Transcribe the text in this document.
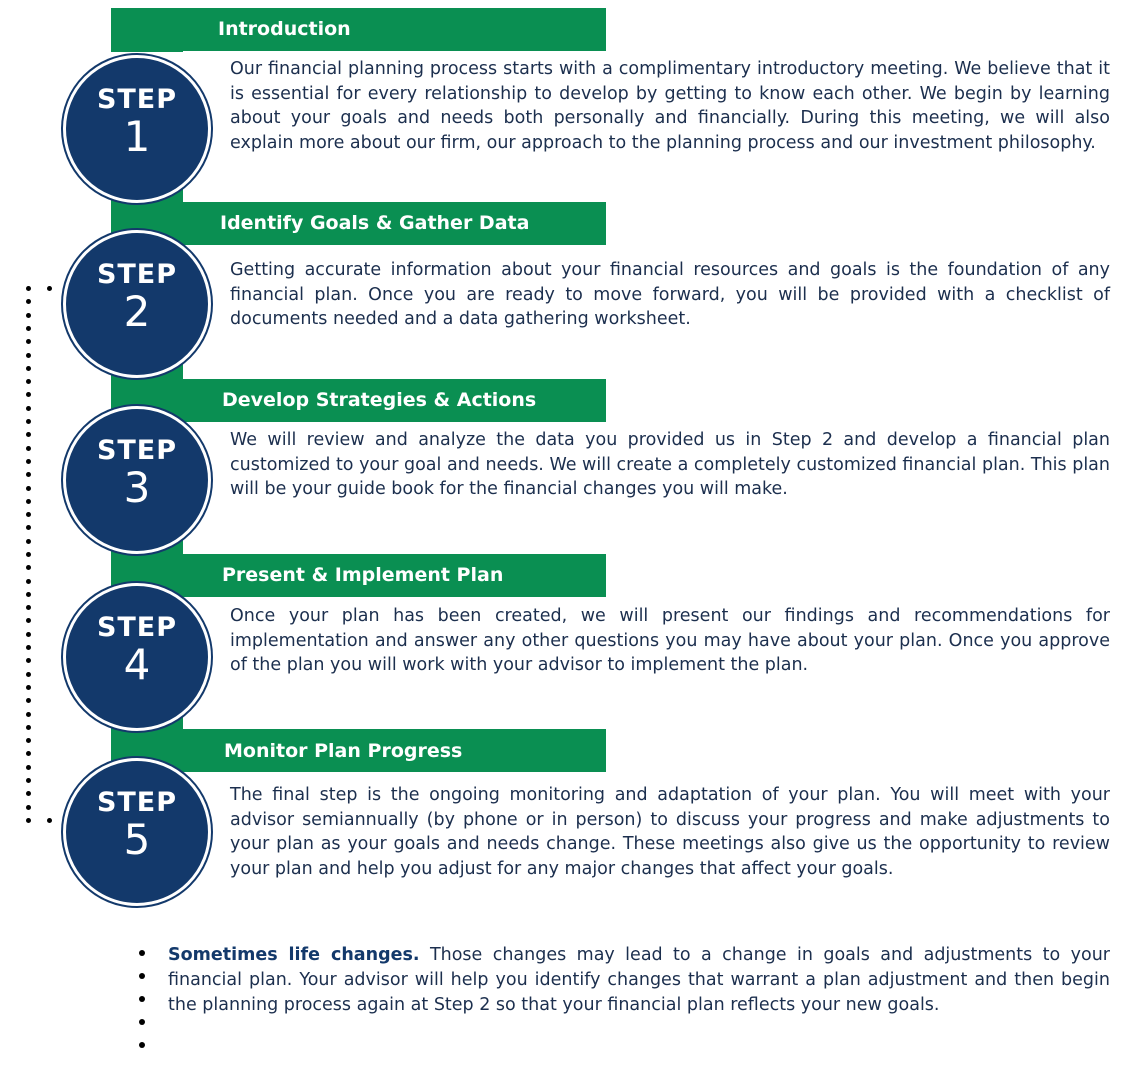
Introduction
Identify Goals & Gather Data
Develop Strategies & Actions
Present & Implement Plan
Monitor Plan Progress
STEP
1
STEP
2
STEP
3
STEP
4
STEP
5
Our financial planning process starts with a complimentary introductory meeting. We believe that it is essential for every relationship to develop by getting to know each other. We begin by learning about your goals and needs both personally and financially. During this meeting, we will also explain more about our firm, our approach to the planning process and our investment philosophy.
Getting accurate information about your financial resources and goals is the foundation of any financial plan. Once you are ready to move forward, you will be provided with a checklist of documents needed and a data gathering worksheet.
We will review and analyze the data you provided us in Step 2 and develop a financial plan customized to your goal and needs. We will create a completely customized financial plan. This plan will be your guide book for the financial changes you will make.
Once your plan has been created, we will present our findings and recommendations for implementation and answer any other questions you may have about your plan. Once you approve of the plan you will work with your advisor to implement the plan.
The final step is the ongoing monitoring and adaptation of your plan. You will meet with your advisor semiannually (by phone or in person) to discuss your progress and make adjustments to your plan as your goals and needs change. These meetings also give us the opportunity to review your plan and help you adjust for any major changes that affect your goals.
Sometimes life changes. Those changes may lead to a change in goals and adjustments to your financial plan. Your advisor will help you identify changes that warrant a plan adjustment and then begin the planning process again at Step 2 so that your financial plan reflects your new goals.
